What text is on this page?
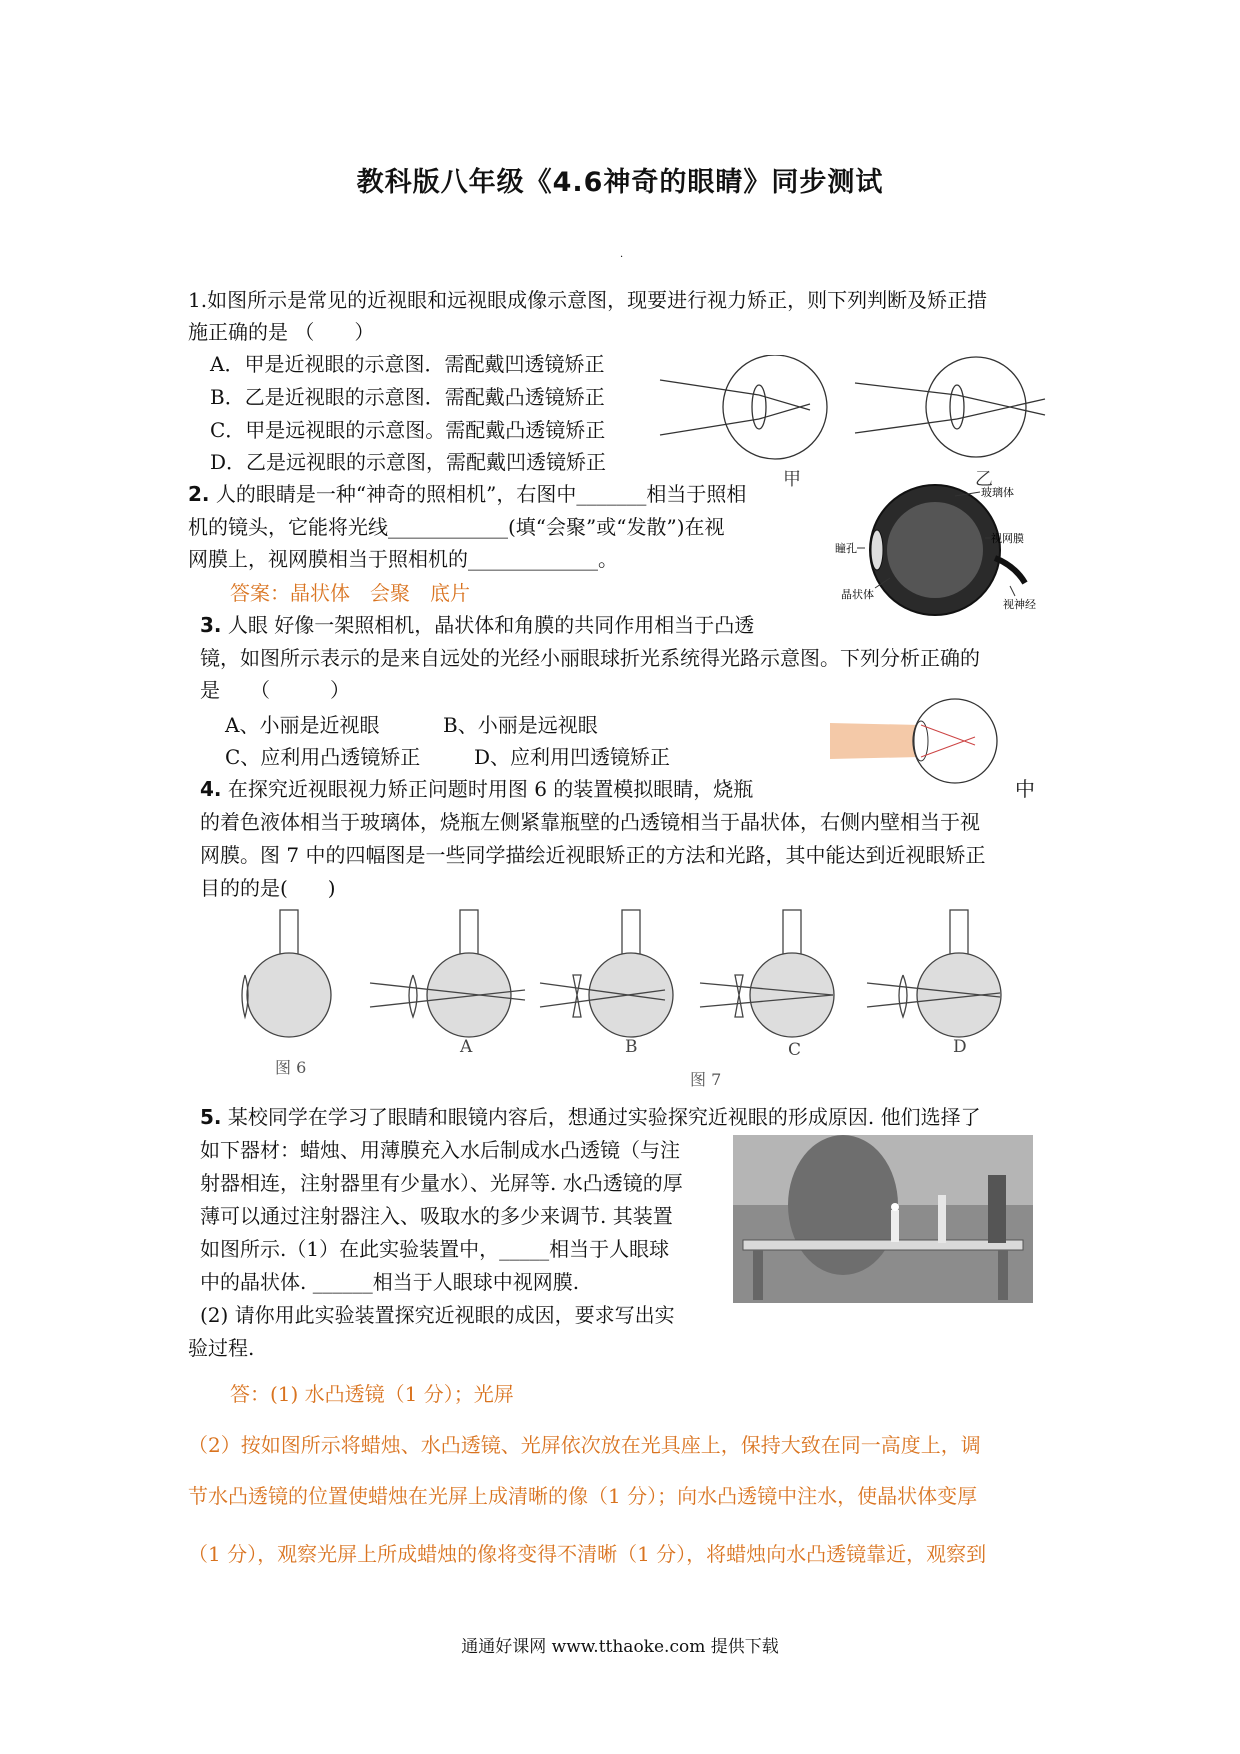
教科版八年级《4.6神奇的眼睛》同步测试
·
1.如图所示是常见的近视眼和远视眼成像示意图，现要进行视力矫正，则下列判断及矫正措
施正确的是 （　　）
A．甲是近视眼的示意图．需配戴凹透镜矫正
B．乙是近视眼的示意图．需配戴凸透镜矫正
C．甲是远视眼的示意图。需配戴凸透镜矫正
D．乙是远视眼的示意图，需配戴凹透镜矫正
甲	乙
2. 人的眼睛是一种“神奇的照相机”，右图中_______相当于照相
机的镜头，它能将光线____________(填“会聚”或“发散”)在视
网膜上，视网膜相当于照相机的_____________。
答案：晶状体　会聚　底片
玻璃体
视网膜
瞳孔
晶状体
视神经
3. 人眼 好像一架照相机，晶状体和角膜的共同作用相当于凸透
镜，如图所示表示的是来自远处的光经小丽眼球折光系统得光路示意图。下列分析正确的
是　　（　　　）
A、小丽是近视眼	B、小丽是远视眼
C、应利用凸透镜矫正	D、应利用凹透镜矫正
4. 在探究近视眼视力矫正问题时用图 6 的装置模拟眼睛，烧瓶	中
的着色液体相当于玻璃体，烧瓶左侧紧靠瓶壁的凸透镜相当于晶状体，右侧内壁相当于视
网膜。图 7 中的四幅图是一些同学描绘近视眼矫正的方法和光路，其中能达到近视眼矫正
目的的是(　　)
A	B	C	D
图 6
图 7
5. 某校同学在学习了眼睛和眼镜内容后，想通过实验探究近视眼的形成原因. 他们选择了
如下器材：蜡烛、用薄膜充入水后制成水凸透镜（与注
射器相连，注射器里有少量水）、光屏等. 水凸透镜的厚
薄可以通过注射器注入、吸取水的多少来调节. 其装置
如图所示.（1）在此实验装置中，_____相当于人眼球
中的晶状体. ______相当于人眼球中视网膜.
(2) 请你用此实验装置探究近视眼的成因，要求写出实
验过程.
答：(1) 水凸透镜（1 分）；光屏
（2）按如图所示将蜡烛、水凸透镜、光屏依次放在光具座上，保持大致在同一高度上，调
节水凸透镜的位置使蜡烛在光屏上成清晰的像（1 分）；向水凸透镜中注水，使晶状体变厚
（1 分），观察光屏上所成蜡烛的像将变得不清晰（1 分），将蜡烛向水凸透镜靠近，观察到
通通好课网 www.tthaoke.com 提供下载
